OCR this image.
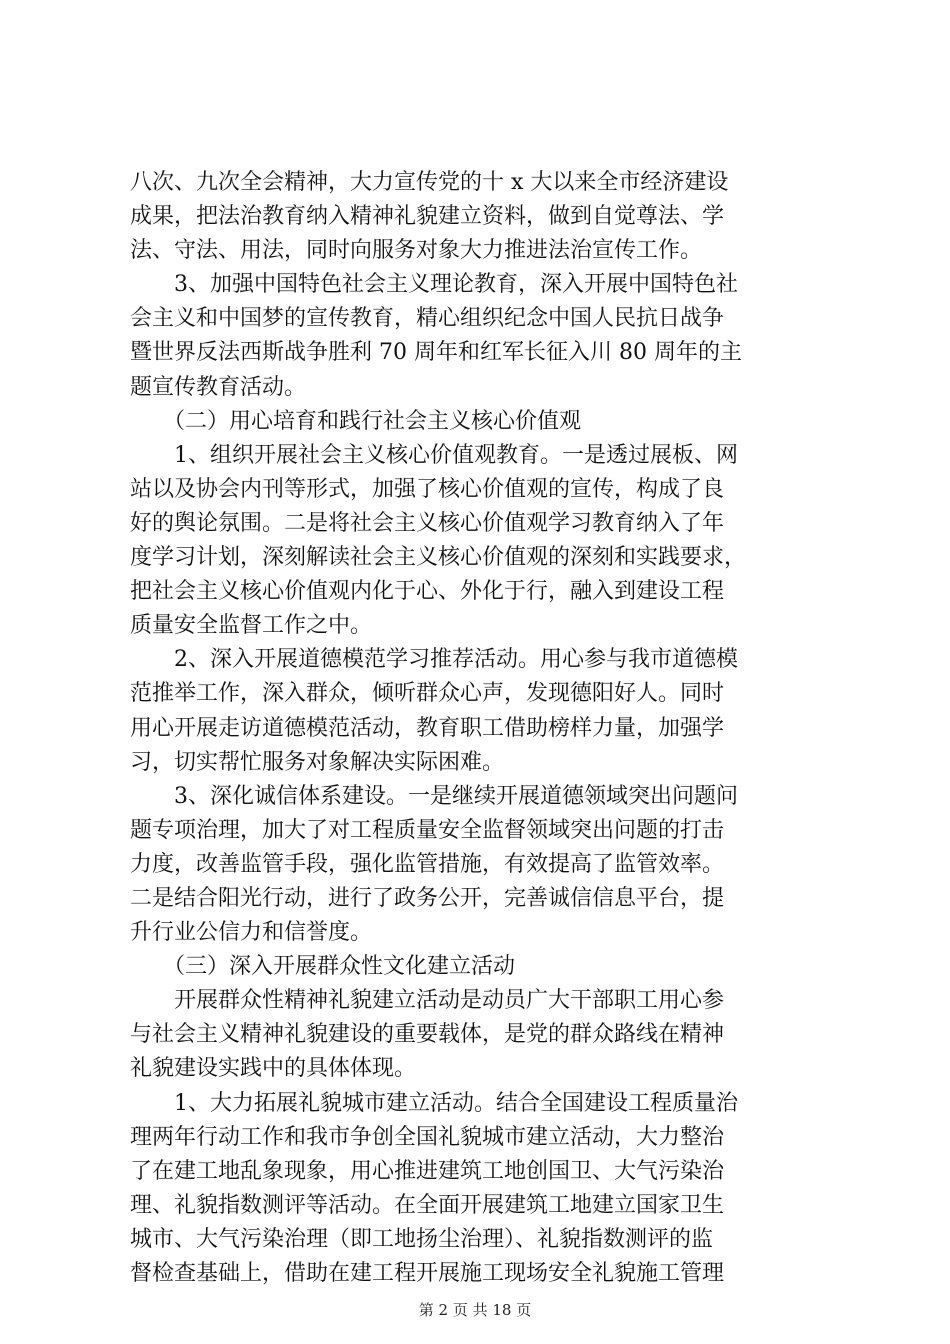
八次、九次全会精神，大力宣传党的十 x 大以来全市经济建设
成果，把法治教育纳入精神礼貌建立资料，做到自觉尊法、学
法、守法、用法，同时向服务对象大力推进法治宣传工作。
　　3、加强中国特色社会主义理论教育，深入开展中国特色社
会主义和中国梦的宣传教育，精心组织纪念中国人民抗日战争
暨世界反法西斯战争胜利 70 周年和红军长征入川 80 周年的主
题宣传教育活动。
　　（二）用心培育和践行社会主义核心价值观
　　1、组织开展社会主义核心价值观教育。一是透过展板、网
站以及协会内刊等形式，加强了核心价值观的宣传，构成了良
好的舆论氛围。二是将社会主义核心价值观学习教育纳入了年
度学习计划，深刻解读社会主义核心价值观的深刻和实践要求，
把社会主义核心价值观内化于心、外化于行，融入到建设工程
质量安全监督工作之中。
　　2、深入开展道德模范学习推荐活动。用心参与我市道德模
范推举工作，深入群众，倾听群众心声，发现德阳好人。同时
用心开展走访道德模范活动，教育职工借助榜样力量，加强学
习，切实帮忙服务对象解决实际困难。
　　3、深化诚信体系建设。一是继续开展道德领域突出问题问
题专项治理，加大了对工程质量安全监督领域突出问题的打击
力度，改善监管手段，强化监管措施，有效提高了监管效率。
二是结合阳光行动，进行了政务公开，完善诚信信息平台，提
升行业公信力和信誉度。
　　（三）深入开展群众性文化建立活动
　　开展群众性精神礼貌建立活动是动员广大干部职工用心参
与社会主义精神礼貌建设的重要载体，是党的群众路线在精神
礼貌建设实践中的具体体现。
　　1、大力拓展礼貌城市建立活动。结合全国建设工程质量治
理两年行动工作和我市争创全国礼貌城市建立活动，大力整治
了在建工地乱象现象，用心推进建筑工地创国卫、大气污染治
理、礼貌指数测评等活动。在全面开展建筑工地建立国家卫生
城市、大气污染治理（即工地扬尘治理）、礼貌指数测评的监
督检查基础上，借助在建工程开展施工现场安全礼貌施工管理
第 2 页 共 18 页
